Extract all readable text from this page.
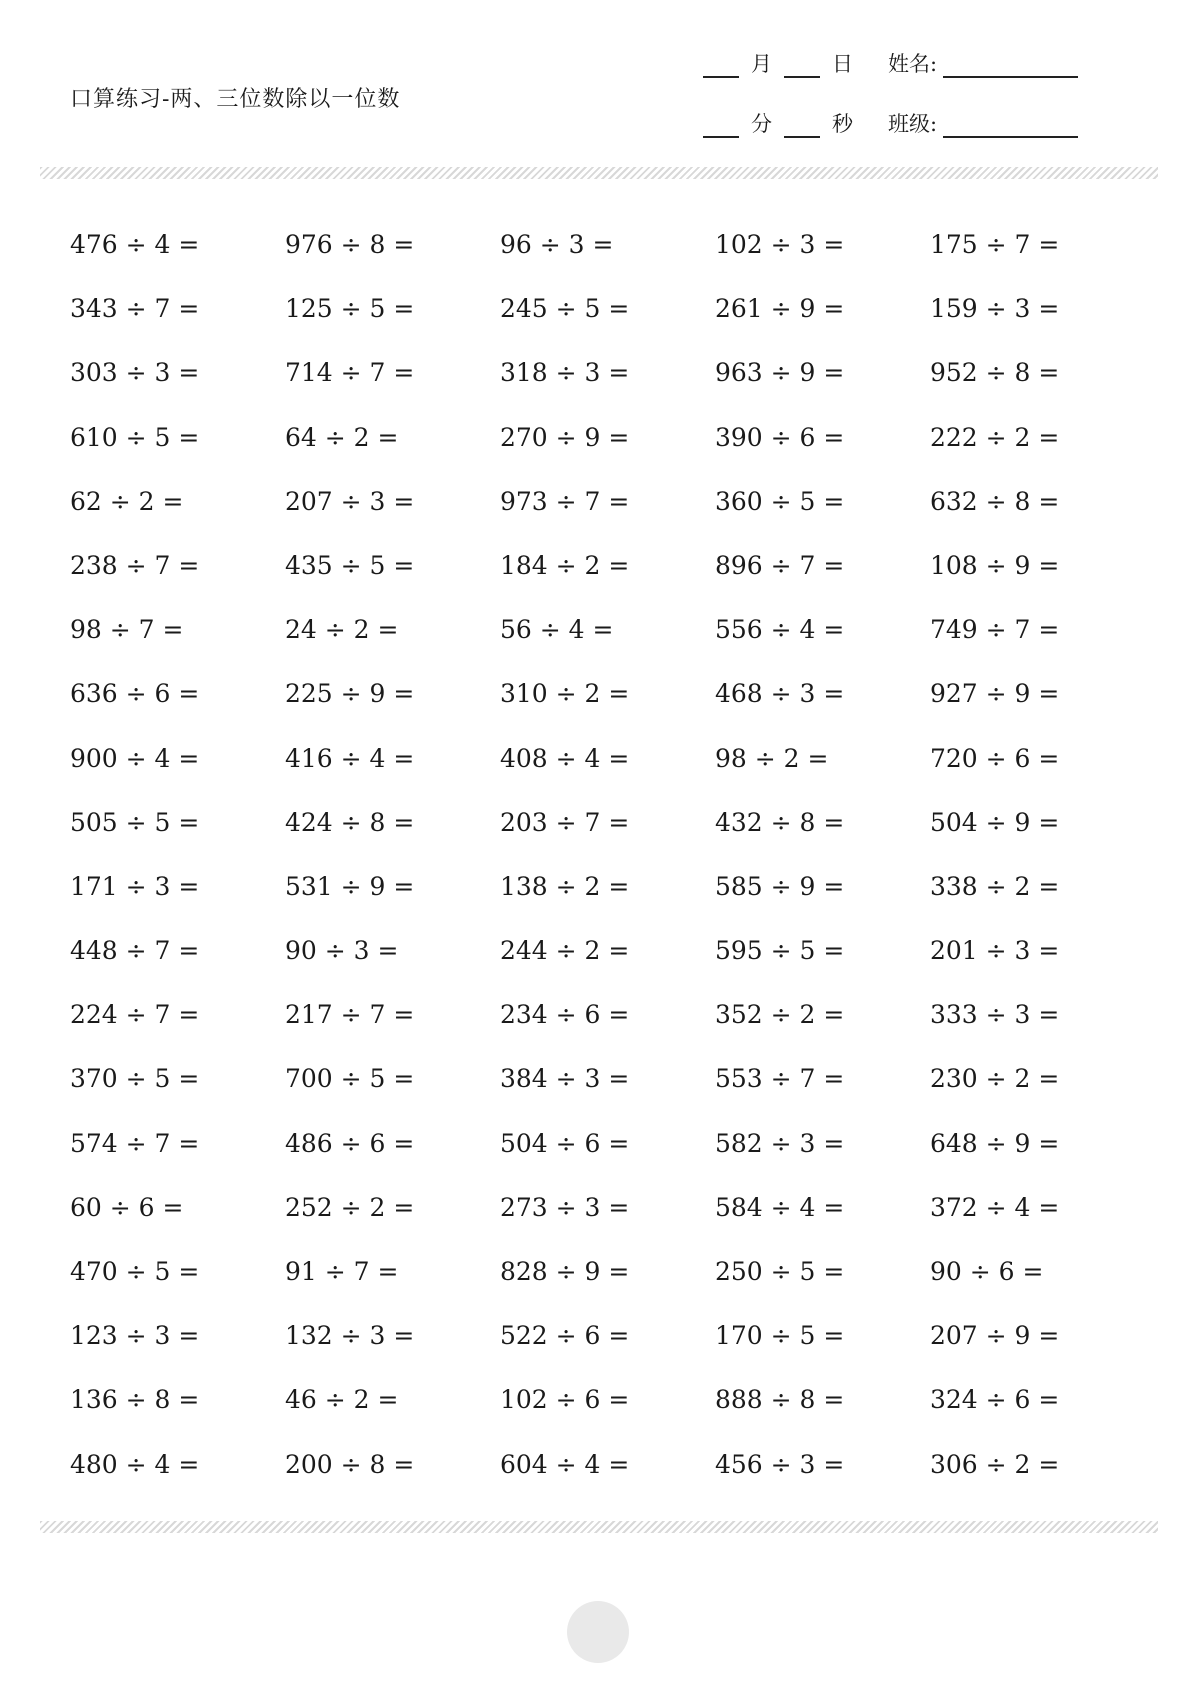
口算练习-两、三位数除以一位数
月	日
分	秒
姓名:
班级:
476 ÷ 4 =	976 ÷ 8 =	96 ÷ 3 =	102 ÷ 3 =	175 ÷ 7 =
343 ÷ 7 =	125 ÷ 5 =	245 ÷ 5 =	261 ÷ 9 =	159 ÷ 3 =
303 ÷ 3 =	714 ÷ 7 =	318 ÷ 3 =	963 ÷ 9 =	952 ÷ 8 =
610 ÷ 5 =	64 ÷ 2 =	270 ÷ 9 =	390 ÷ 6 =	222 ÷ 2 =
62 ÷ 2 =	207 ÷ 3 =	973 ÷ 7 =	360 ÷ 5 =	632 ÷ 8 =
238 ÷ 7 =	435 ÷ 5 =	184 ÷ 2 =	896 ÷ 7 =	108 ÷ 9 =
98 ÷ 7 =	24 ÷ 2 =	56 ÷ 4 =	556 ÷ 4 =	749 ÷ 7 =
636 ÷ 6 =	225 ÷ 9 =	310 ÷ 2 =	468 ÷ 3 =	927 ÷ 9 =
900 ÷ 4 =	416 ÷ 4 =	408 ÷ 4 =	98 ÷ 2 =	720 ÷ 6 =
505 ÷ 5 =	424 ÷ 8 =	203 ÷ 7 =	432 ÷ 8 =	504 ÷ 9 =
171 ÷ 3 =	531 ÷ 9 =	138 ÷ 2 =	585 ÷ 9 =	338 ÷ 2 =
448 ÷ 7 =	90 ÷ 3 =	244 ÷ 2 =	595 ÷ 5 =	201 ÷ 3 =
224 ÷ 7 =	217 ÷ 7 =	234 ÷ 6 =	352 ÷ 2 =	333 ÷ 3 =
370 ÷ 5 =	700 ÷ 5 =	384 ÷ 3 =	553 ÷ 7 =	230 ÷ 2 =
574 ÷ 7 =	486 ÷ 6 =	504 ÷ 6 =	582 ÷ 3 =	648 ÷ 9 =
60 ÷ 6 =	252 ÷ 2 =	273 ÷ 3 =	584 ÷ 4 =	372 ÷ 4 =
470 ÷ 5 =	91 ÷ 7 =	828 ÷ 9 =	250 ÷ 5 =	90 ÷ 6 =
123 ÷ 3 =	132 ÷ 3 =	522 ÷ 6 =	170 ÷ 5 =	207 ÷ 9 =
136 ÷ 8 =	46 ÷ 2 =	102 ÷ 6 =	888 ÷ 8 =	324 ÷ 6 =
480 ÷ 4 =	200 ÷ 8 =	604 ÷ 4 =	456 ÷ 3 =	306 ÷ 2 =
